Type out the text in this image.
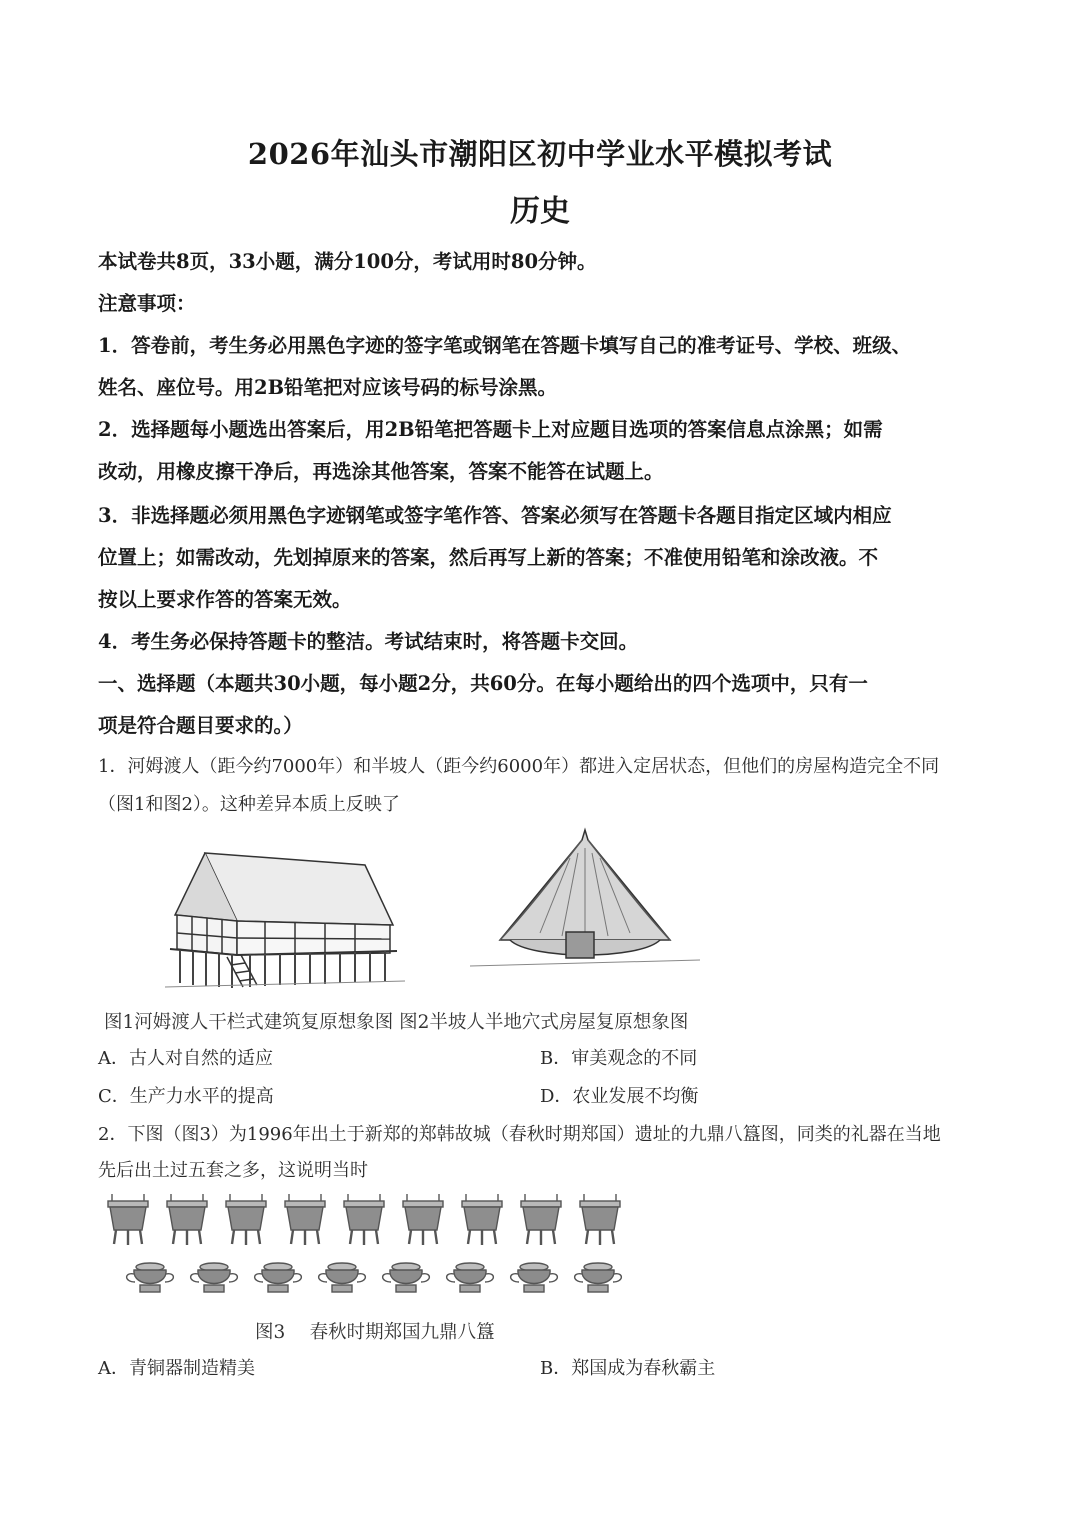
2026年汕头市潮阳区初中学业水平模拟考试
历史

本试卷共8页，33小题，满分100分，考试用时80分钟。

注意事项：

1．答卷前，考生务必用黑色字迹的签字笔或钢笔在答题卡填写自己的准考证号、学校、班级、

姓名、座位号。用2B铅笔把对应该号码的标号涂黑。

2．选择题每小题选出答案后，用2B铅笔把答题卡上对应题目选项的答案信息点涂黑；如需

改动，用橡皮擦干净后，再选涂其他答案，答案不能答在试题上。

3．非选择题必须用黑色字迹钢笔或签字笔作答、答案必须写在答题卡各题目指定区域内相应

位置上；如需改动，先划掉原来的答案，然后再写上新的答案；不准使用铅笔和涂改液。不

按以上要求作答的答案无效。

4．考生务必保持答题卡的整洁。考试结束时，将答题卡交回。

一、选择题（本题共30小题，每小题2分，共60分。在每小题给出的四个选项中，只有一

项是符合题目要求的。）

1．河姆渡人（距今约7000年）和半坡人（距今约6000年）都进入定居状态，但他们的房屋构造完全不同

（图1和图2）。这种差异本质上反映了

图1河姆渡人干栏式建筑复原想象图 图2半坡人半地穴式房屋复原想象图

A．古人对自然的适应	B．审美观念的不同

C．生产力水平的提高	D．农业发展不均衡

2．下图（图3）为1996年出土于新郑的郑韩故城（春秋时期郑国）遗址的九鼎八簋图，同类的礼器在当地

先后出土过五套之多，这说明当时

图3　 春秋时期郑国九鼎八簋

A．青铜器制造精美	B．郑国成为春秋霸主
